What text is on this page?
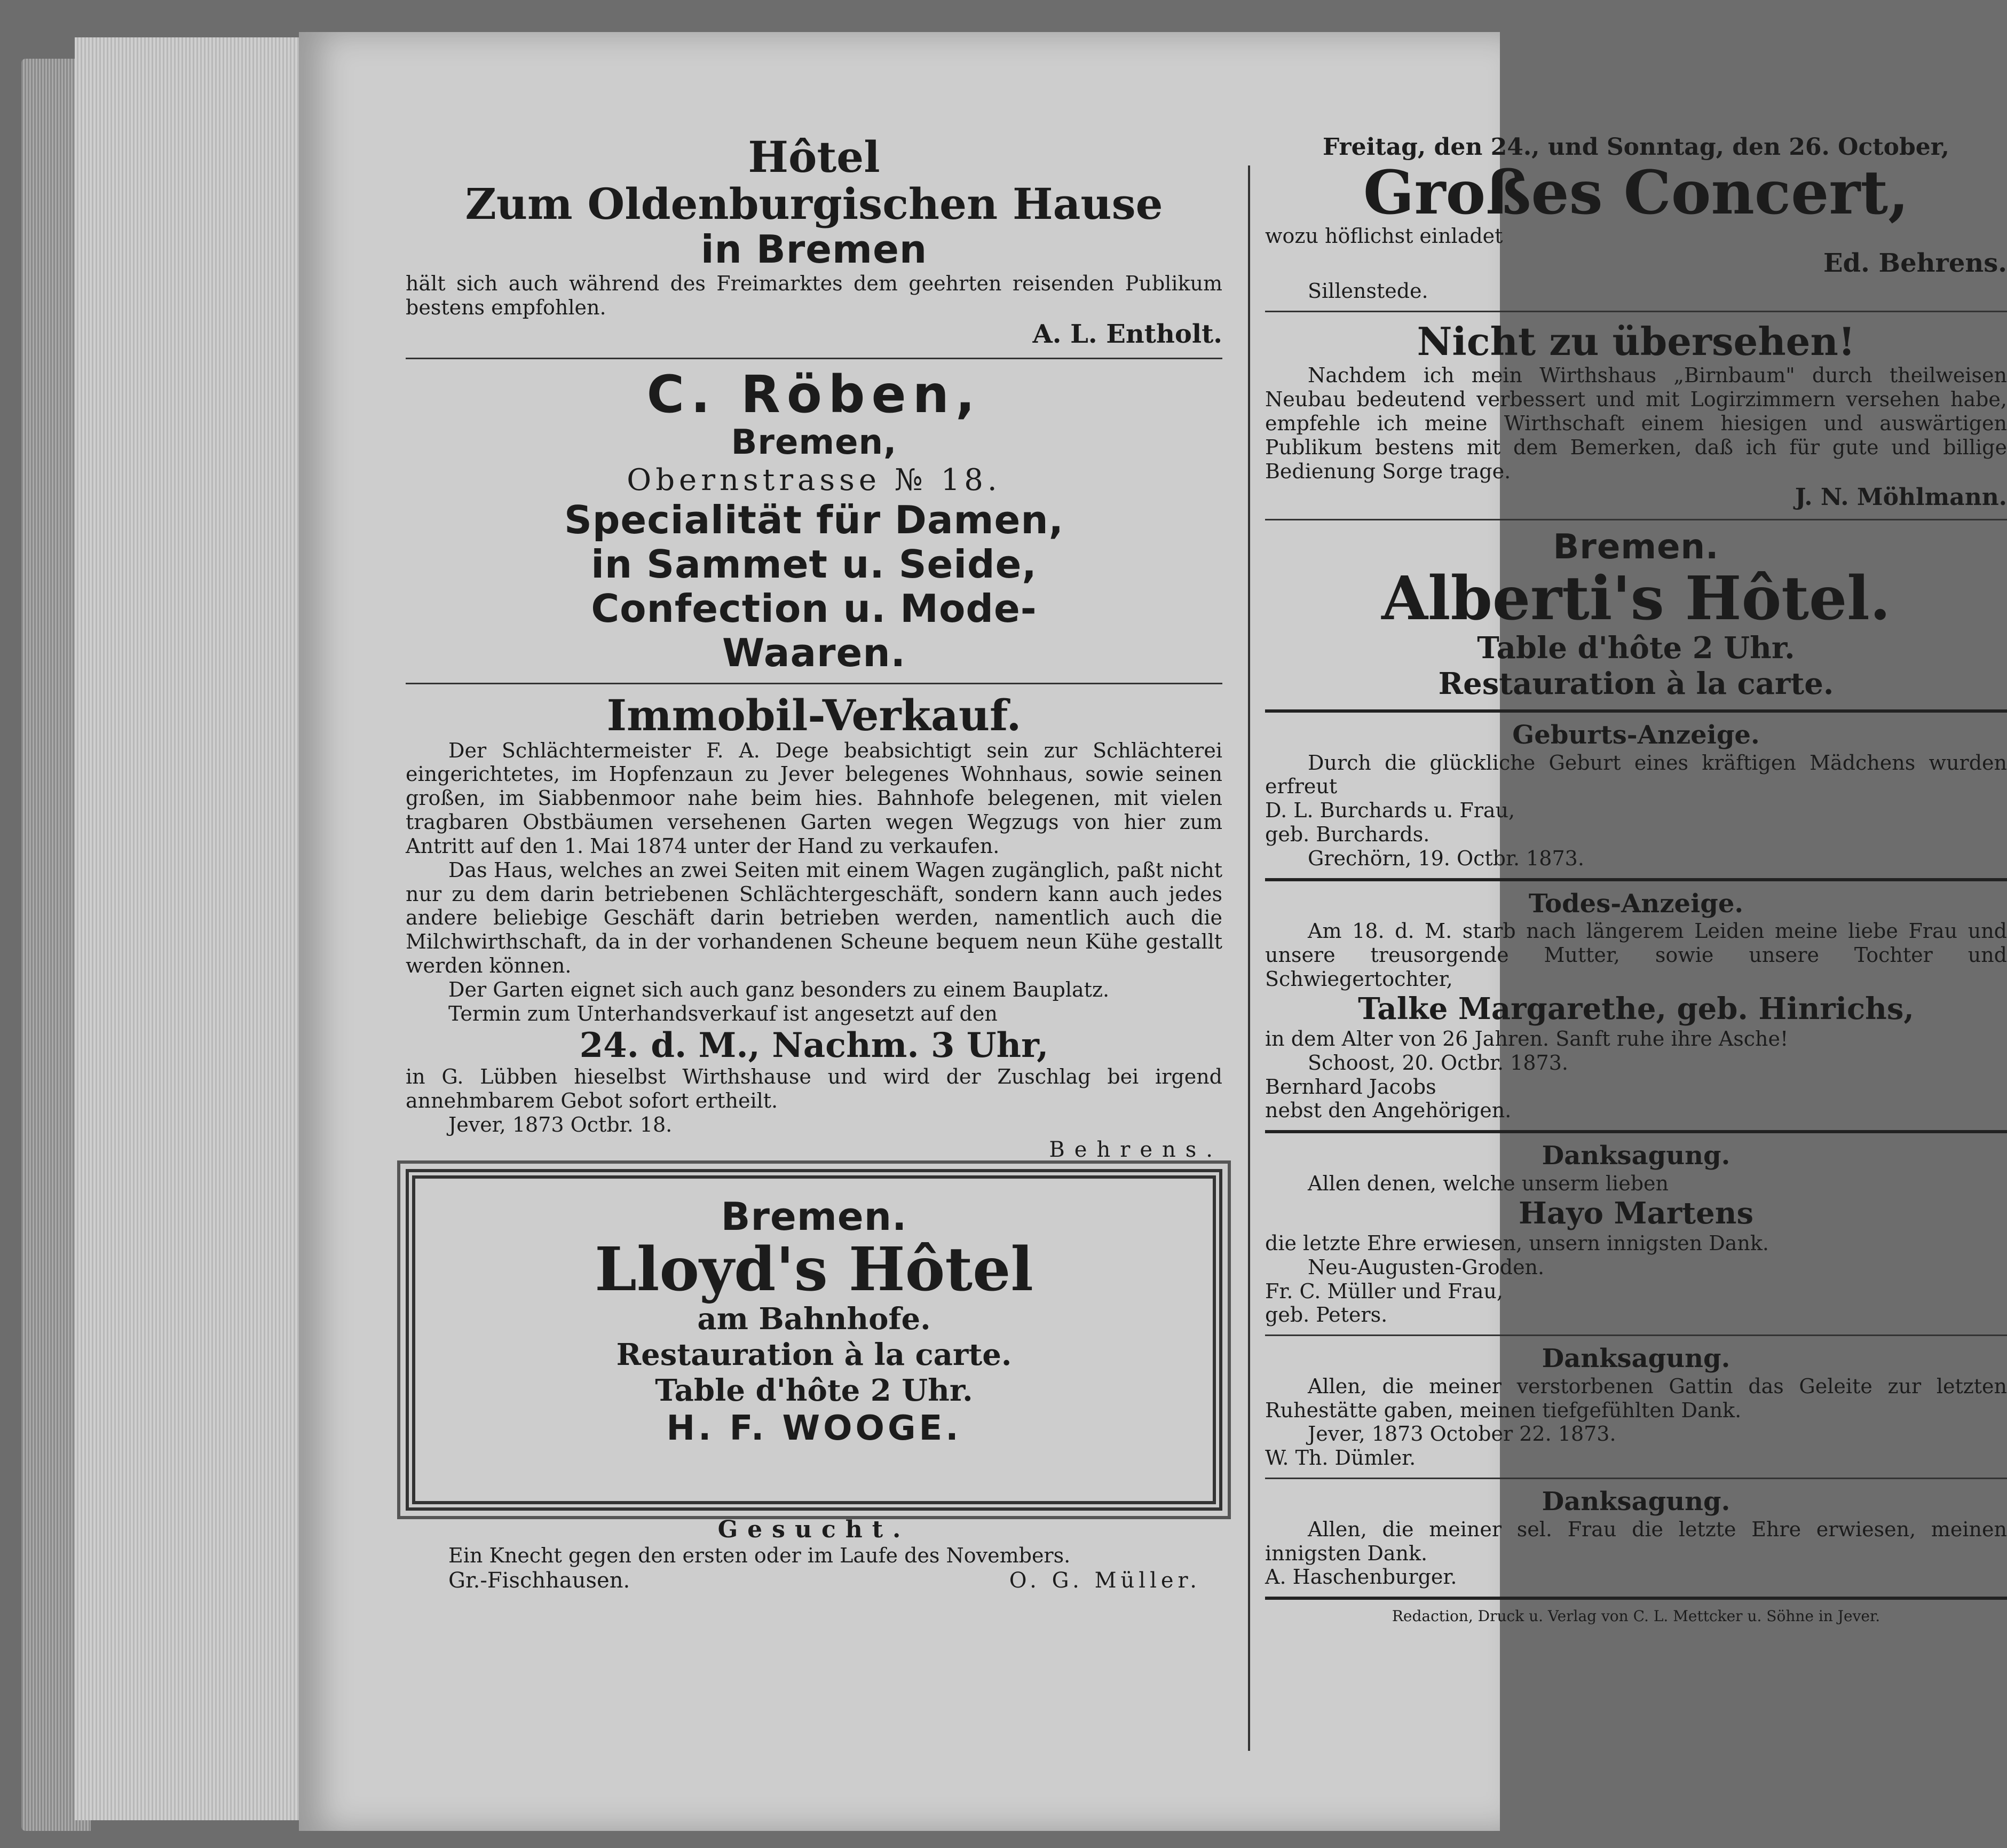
Hôtel

Zum Oldenburgischen Hause

in Bremen

hält sich auch während des Freimarktes dem geehrten reisenden Publikum bestens empfohlen.

A. L. Entholt.

C. Röben,

Bremen,

Obernstrasse № 18.

Specialität für Damen,

in Sammet u. Seide,

Confection u. Mode-

Waaren.

Immobil-Verkauf.

Der Schlächtermeister F. A. Dege beabsichtigt sein zur Schlächterei eingerichtetes, im Hopfenzaun zu Jever belegenes Wohnhaus, sowie seinen großen, im Siabbenmoor nahe beim hies. Bahnhofe belegenen, mit vielen tragbaren Obstbäumen versehenen Garten wegen Wegzugs von hier zum Antritt auf den 1. Mai 1874 unter der Hand zu verkaufen.

Das Haus, welches an zwei Seiten mit einem Wagen zugänglich, paßt nicht nur zu dem darin betriebenen Schlächtergeschäft, sondern kann auch jedes andere beliebige Geschäft darin betrieben werden, namentlich auch die Milchwirthschaft, da in der vorhandenen Scheune bequem neun Kühe gestallt werden können.

Der Garten eignet sich auch ganz besonders zu einem Bauplatz.

Termin zum Unterhandsverkauf ist angesetzt auf den

24. d. M., Nachm. 3 Uhr,

in G. Lübben hieselbst Wirthshause und wird der Zuschlag bei irgend annehmbarem Gebot sofort ertheilt.

Jever, 1873 Octbr. 18.

Behrens.

Bremen.

Lloyd's Hôtel

am Bahnhofe.

Restauration à la carte.

Table d'hôte 2 Uhr.

H. F. WOOGE.

Gesucht.

Ein Knecht gegen den ersten oder im Laufe des Novembers.

Gr.-Fischhausen.	O. G. Müller.

Freitag, den 24., und Sonntag, den 26. October,

Großes Concert,

wozu höflichst einladet

Ed. Behrens.

Sillenstede.

Nicht zu übersehen!

Nachdem ich mein Wirthshaus „Birnbaum" durch theilweisen Neubau bedeutend verbessert und mit Logirzimmern versehen habe, empfehle ich meine Wirthschaft einem hiesigen und auswärtigen Publikum bestens mit dem Bemerken, daß ich für gute und billige Bedienung Sorge trage.

J. N. Möhlmann.

Bremen.

Alberti's Hôtel.

Table d'hôte 2 Uhr.

Restauration à la carte.

Geburts-Anzeige.

Durch die glückliche Geburt eines kräftigen Mädchens wurden erfreut

D. L. Burchards u. Frau,

geb. Burchards.

Grechörn, 19. Octbr. 1873.

Todes-Anzeige.

Am 18. d. M. starb nach längerem Leiden meine liebe Frau und unsere treusorgende Mutter, sowie unsere Tochter und Schwiegertochter,

Talke Margarethe, geb. Hinrichs,

in dem Alter von 26 Jahren. Sanft ruhe ihre Asche!

Schoost, 20. Octbr. 1873.

Bernhard Jacobs

nebst den Angehörigen.

Danksagung.

Allen denen, welche unserm lieben

Hayo Martens

die letzte Ehre erwiesen, unsern innigsten Dank.

Neu-Augusten-Groden.

Fr. C. Müller und Frau,

geb. Peters.

Danksagung.

Allen, die meiner verstorbenen Gattin das Geleite zur letzten Ruhestätte gaben, meinen tiefgefühlten Dank.

Jever, 1873 October 22. 1873.

W. Th. Dümler.

Danksagung.

Allen, die meiner sel. Frau die letzte Ehre erwiesen, meinen innigsten Dank.

A. Haschenburger.

Redaction, Druck u. Verlag von C. L. Mettcker u. Söhne in Jever.
